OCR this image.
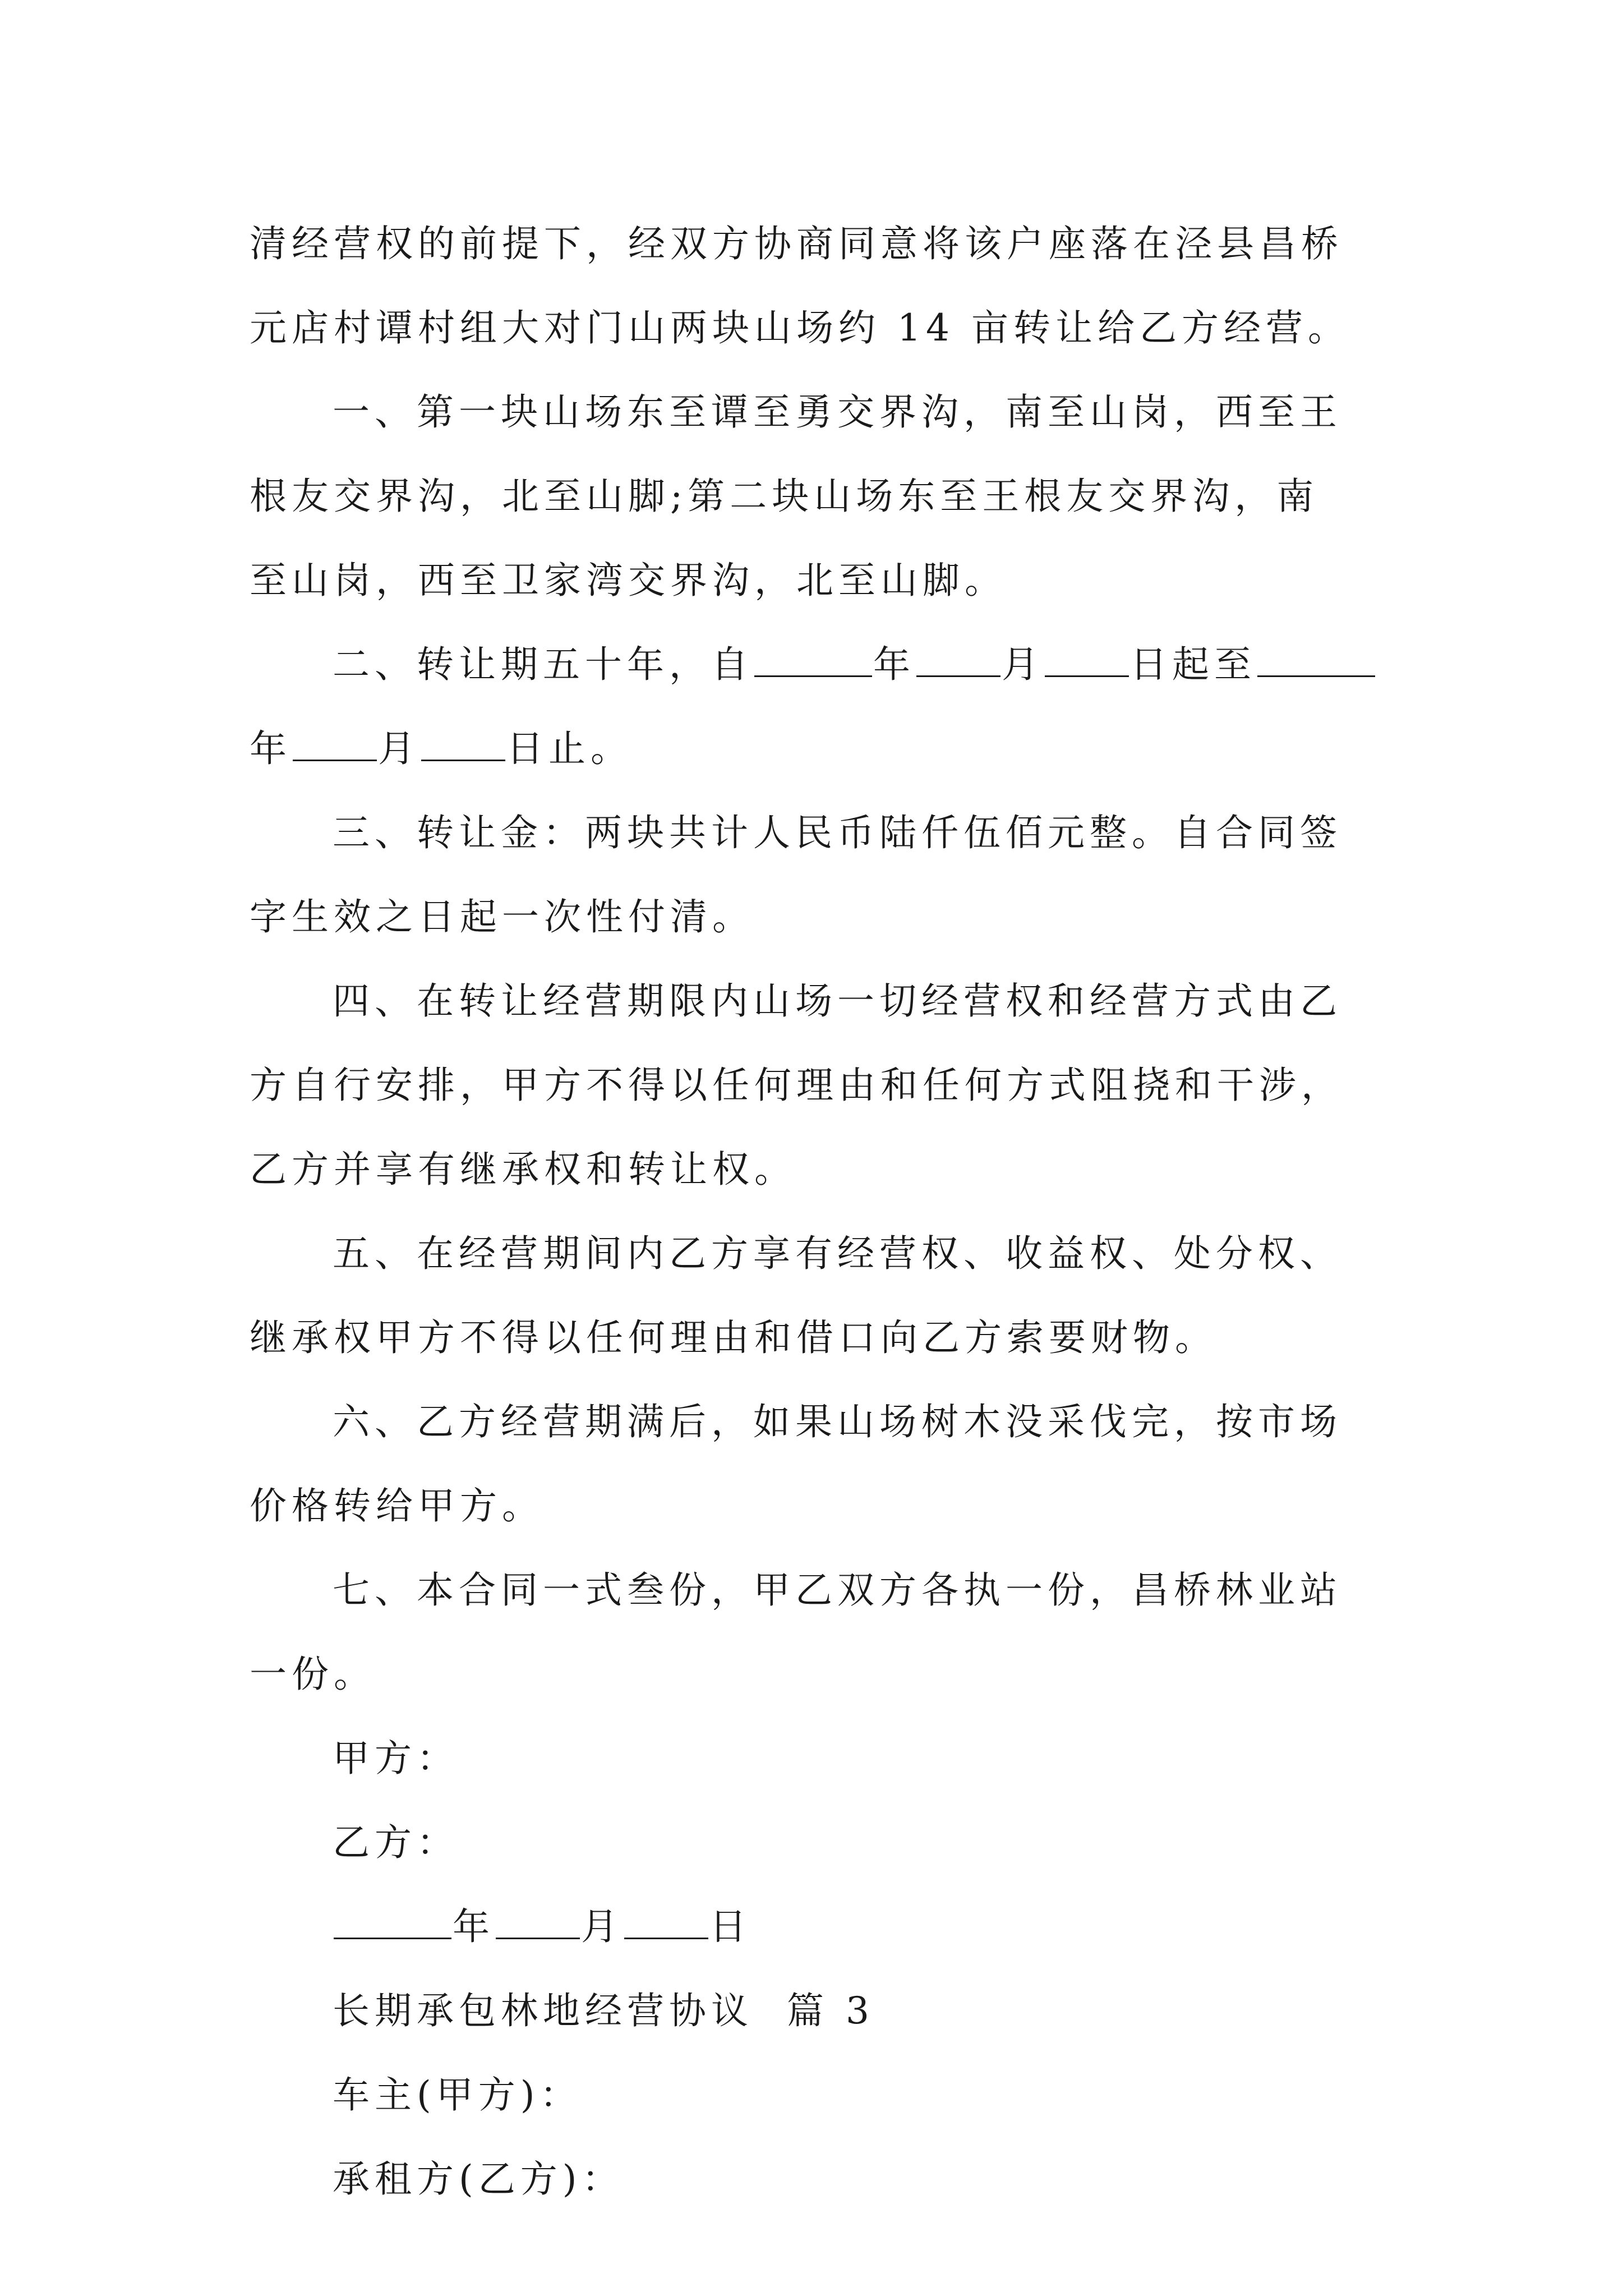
清经营权的前提下，经双方协商同意将该户座落在泾县昌桥

元店村谭村组大对门山两块山场约 14 亩转让给乙方经营。

一、第一块山场东至谭至勇交界沟，南至山岗，西至王

根友交界沟，北至山脚;第二块山场东至王根友交界沟，南

至山岗，西至卫家湾交界沟，北至山脚。

二、转让期五十年，自	年 月 日起至

年 月 日止。

三、转让金：两块共计人民币陆仟伍佰元整。自合同签

字生效之日起一次性付清。

四、在转让经营期限内山场一切经营权和经营方式由乙

方自行安排，甲方不得以任何理由和任何方式阻挠和干涉，

乙方并享有继承权和转让权。

五、在经营期间内乙方享有经营权、收益权、处分权、

继承权甲方不得以任何理由和借口向乙方索要财物。

六、乙方经营期满后，如果山场树木没采伐完，按市场

价格转给甲方。

七、本合同一式叁份，甲乙双方各执一份，昌桥林业站

一份。

甲方：

乙方：

年 月 日

长期承包林地经营协议 篇 3

车主(甲方)：

承租方(乙方)：
